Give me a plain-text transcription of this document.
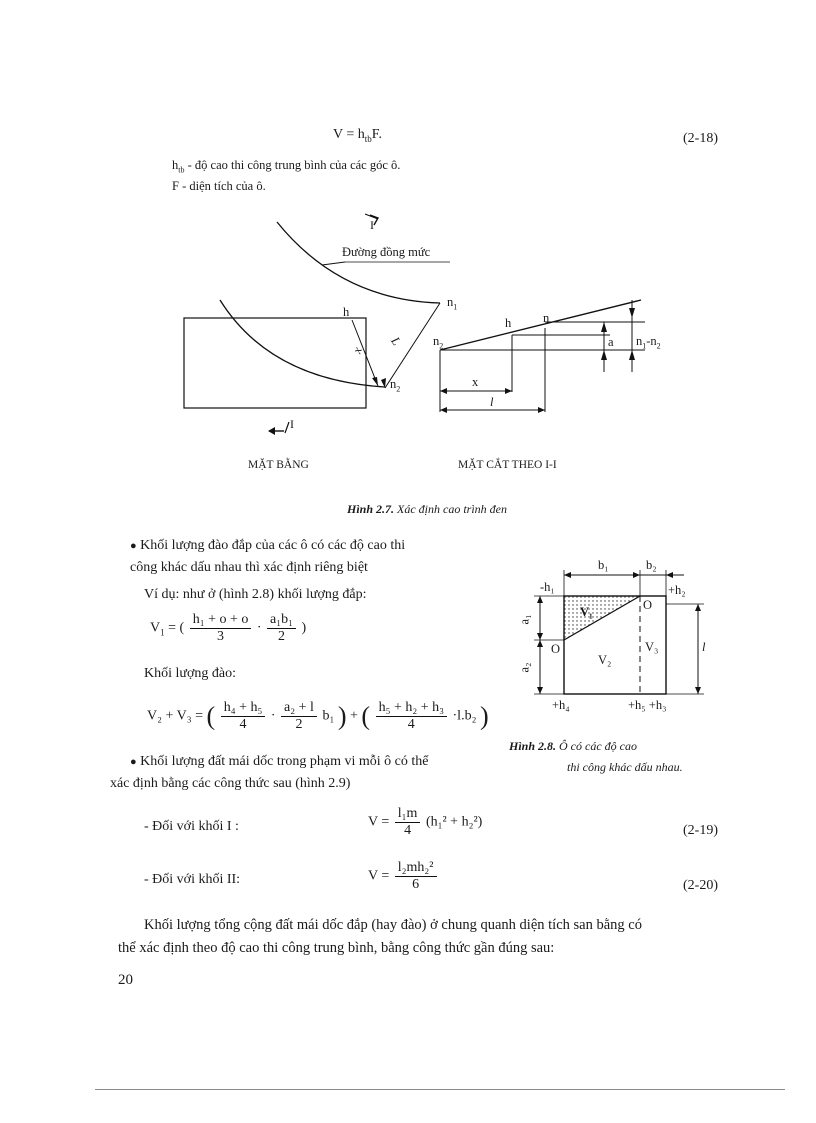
$V = h_{tb}F$.	(2-18)
$h_{tb}$ - độ cao thi công trung bình của các góc ô.
F - diện tích của ô.
Đường đồng mức
I
I
h
$n_1$
$n_2$
x
L
h	n
$n_2$	a $n_1-n_2$
x
l
MẶT BẰNG	MẶT CẮT THEO I-I
Hình 2.7. Xác định cao trình đen
● Khối lượng đào đắp của các ô có các độ cao thi
công khác dấu nhau thì xác định riêng biệt
Ví dụ: như ở (hình 2.8) khối lượng đắp:
$V_1$ = ( $\frac{\text{h₁ + o + o}}{3} \cdot \frac{\text{a₁b₁}}{2}$ )
Khối lượng đào:
V₂ + V₃ = ( $\frac{\text{h₄ + h₅}}{4} \cdot \frac{\text{a₂ + l}}{2} b_1$ ) + ( $\frac{\text{h₅ + h₂ + h₃}}{4} \cdot l.b_2$ )
b₁	b₂
-h₁	+h₂
a₁
a₂
V₁
V₂
V₃
O
O	l
+h₄	+h₅ +h₃
Hình 2.8. Ô có các độ cao
thi công khác dấu nhau.
● Khối lượng đất mái dốc trong phạm vi mỗi ô có thể
xác định bằng các công thức sau (hình 2.9)
- Đối với khối I :	$V = \frac{\text{l₁m}}{4} (h_1^2 + h_2^2)$
(2-19)
- Đối với khối II:	$V = \frac{\text{l₂mh₂²}}{6}$	(2-20)
Khối lượng tổng cộng đất mái dốc đắp (hay đào) ở chung quanh diện tích san bằng có
thể xác định theo độ cao thi công trung bình, bằng công thức gần đúng sau:
20
